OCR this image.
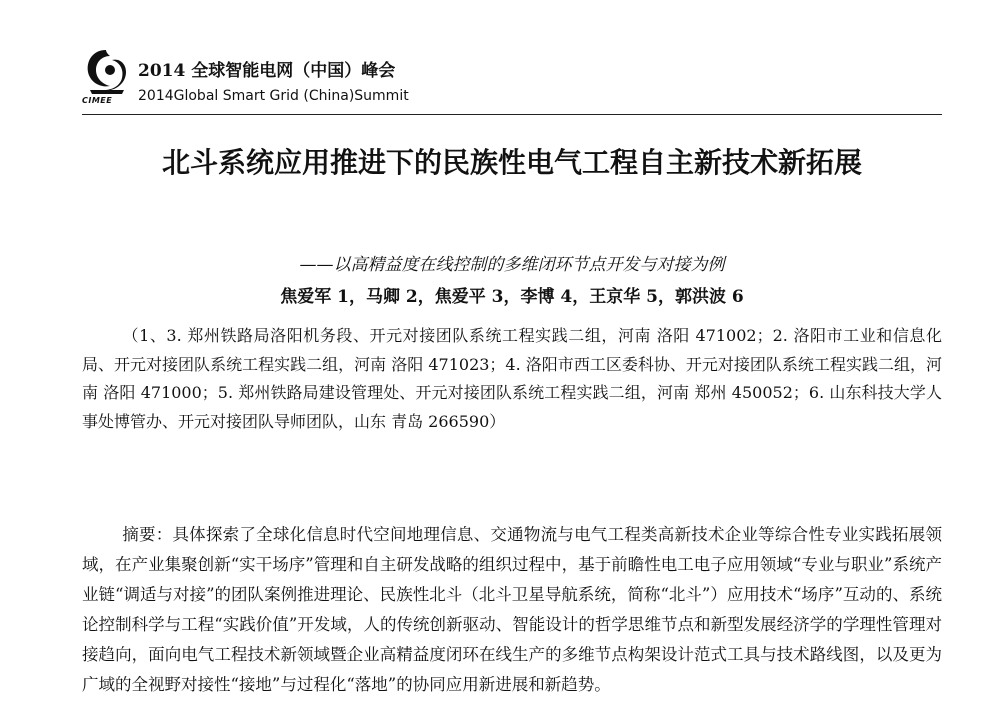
CIMEE
2014 全球智能电网（中国）峰会
2014Global Smart Grid (China)Summit
北斗系统应用推进下的民族性电气工程自主新技术新拓展
——以高精益度在线控制的多维闭环节点开发与对接为例
焦爱军 1，马卿 2，焦爱平 3，李博 4，王京华 5，郭洪波 6
（1、3. 郑州铁路局洛阳机务段、开元对接团队系统工程实践二组，河南 洛阳 471002；2. 洛阳市工业和信息化局、开元对接团队系统工程实践二组，河南 洛阳 471023；4. 洛阳市西工区委科协、开元对接团队系统工程实践二组，河南 洛阳 471000；5. 郑州铁路局建设管理处、开元对接团队系统工程实践二组，河南 郑州 450052；6. 山东科技大学人事处博管办、开元对接团队导师团队，山东 青岛 266590）
摘要：具体探索了全球化信息时代空间地理信息、交通物流与电气工程类高新技术企业等综合性专业实践拓展领域，在产业集聚创新“实干场序”管理和自主研发战略的组织过程中，基于前瞻性电工电子应用领域“专业与职业”系统产业链“调适与对接”的团队案例推进理论、民族性北斗（北斗卫星导航系统，简称“北斗”）应用技术“场序”互动的、系统论控制科学与工程“实践价值”开发域，人的传统创新驱动、智能设计的哲学思维节点和新型发展经济学的学理性管理对接趋向，面向电气工程技术新领域暨企业高精益度闭环在线生产的多维节点构架设计范式工具与技术路线图，以及更为广域的全视野对接性“接地”与过程化“落地”的协同应用新进展和新趋势。
